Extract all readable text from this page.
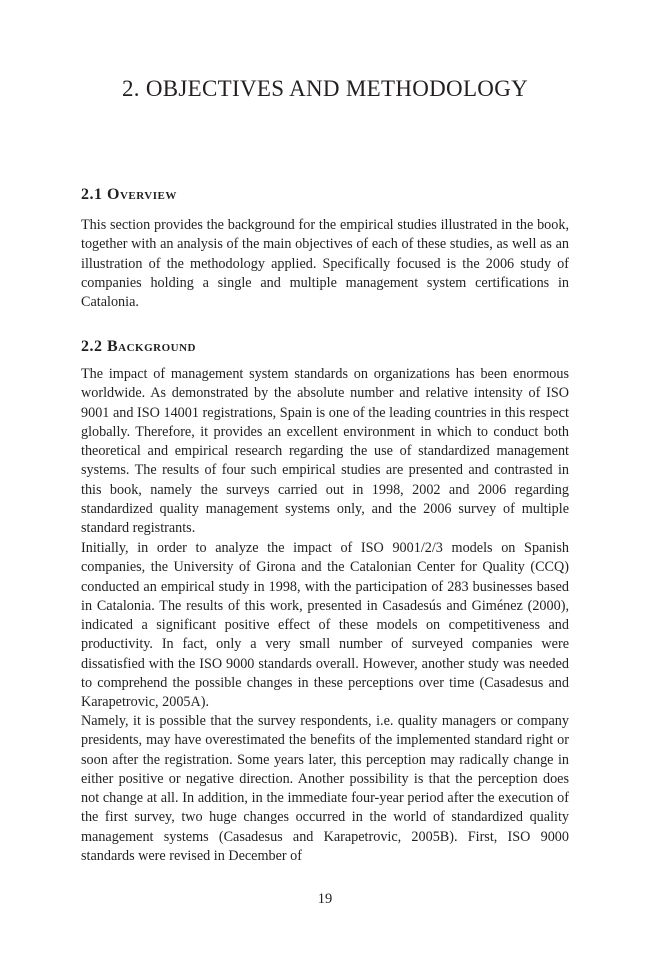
2. OBJECTIVES AND METHODOLOGY
2.1 Overview

This section provides the background for the empirical studies illustrated in the book, together with an analysis of the main objectives of each of these studies, as well as an illustration of the methodology applied. Specifically focused is the 2006 study of companies holding a single and multiple management system certifications in Catalonia.

2.2 Background

The impact of management system standards on organizations has been enormous worldwide. As demonstrated by the absolute number and relative intensity of ISO 9001 and ISO 14001 registrations, Spain is one of the leading countries in this respect globally. Therefore, it provides an excellent environment in which to conduct both theoretical and empirical research regarding the use of standardized management systems. The results of four such empirical studies are presented and contrasted in this book, namely the surveys carried out in 1998, 2002 and 2006 regarding standardized quality management systems only, and the 2006 survey of multiple standard registrants.

Initially, in order to analyze the impact of ISO 9001/2/3 models on Spanish companies, the University of Girona and the Catalonian Center for Quality (CCQ) conducted an empirical study in 1998, with the participation of 283 businesses based in Catalonia. The results of this work, presented in Casadesús and Giménez (2000), indicated a significant positive effect of these models on competitiveness and productivity. In fact, only a very small number of surveyed companies were dissatisfied with the ISO 9000 standards overall. However, another study was needed to comprehend the possible changes in these perceptions over time (Casadesus and Karapetrovic, 2005A).

Namely, it is possible that the survey respondents, i.e. quality managers or company presidents, may have overestimated the benefits of the implemented standard right or soon after the registration. Some years later, this perception may radically change in either positive or negative direction. Another possibility is that the perception does not change at all. In addition, in the immediate four-year period after the execution of the first survey, two huge changes occurred in the world of standardized quality management systems (Casadesus and Karapetrovic, 2005B). First, ISO 9000 standards were revised in December of

19
